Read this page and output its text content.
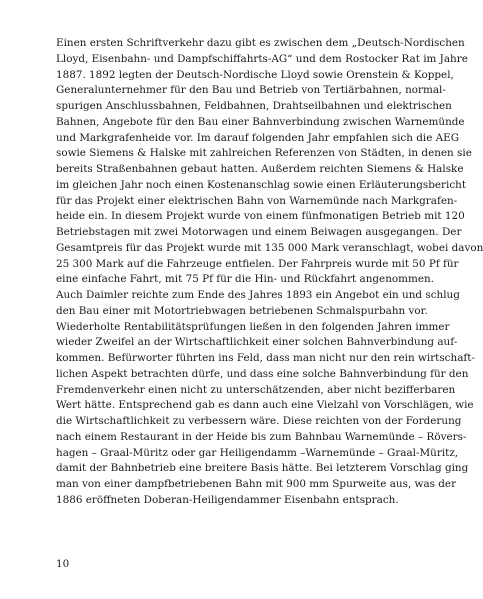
Einen ersten Schriftverkehr dazu gibt es zwischen dem „Deutsch-Nordischen
Lloyd, Eisenbahn- und Dampfschiffahrts-AG“ und dem Rostocker Rat im Jahre
1887. 1892 legten der Deutsch-Nordische Lloyd sowie Orenstein & Koppel,
Generalunternehmer für den Bau und Betrieb von Tertiärbahnen, normal-
spurigen Anschlussbahnen, Feldbahnen, Drahtseilbahnen und elektrischen
Bahnen, Angebote für den Bau einer Bahnverbindung zwischen Warnemünde
und Markgrafenheide vor. Im darauf folgenden Jahr empfahlen sich die AEG
sowie Siemens & Halske mit zahlreichen Referenzen von Städten, in denen sie
bereits Straßenbahnen gebaut hatten. Außerdem reichten Siemens & Halske
im gleichen Jahr noch einen Kostenanschlag sowie einen Erläuterungsbericht
für das Projekt einer elektrischen Bahn von Warnemünde nach Markgrafen-
heide ein. In diesem Projekt wurde von einem fünfmonatigen Betrieb mit 120
Betriebstagen mit zwei Motorwagen und einem Beiwagen ausgegangen. Der
Gesamtpreis für das Projekt wurde mit 135 000 Mark veranschlagt, wobei davon
25 300 Mark auf die Fahrzeuge entfielen. Der Fahrpreis wurde mit 50 Pf für
eine einfache Fahrt, mit 75 Pf für die Hin- und Rückfahrt angenommen.
Auch Daimler reichte zum Ende des Jahres 1893 ein Angebot ein und schlug
den Bau einer mit Motortriebwagen betriebenen Schmalspurbahn vor.
Wiederholte Rentabilitätsprüfungen ließen in den folgenden Jahren immer
wieder Zweifel an der Wirtschaftlichkeit einer solchen Bahnverbindung auf-
kommen. Befürworter führten ins Feld, dass man nicht nur den rein wirtschaft-
lichen Aspekt betrachten dürfe, und dass eine solche Bahnverbindung für den
Fremdenverkehr einen nicht zu unterschätzenden, aber nicht bezifferbaren
Wert hätte. Entsprechend gab es dann auch eine Vielzahl von Vorschlägen, wie
die Wirtschaftlichkeit zu verbessern wäre. Diese reichten von der Forderung
nach einem Restaurant in der Heide bis zum Bahnbau Warnemünde – Rövers-
hagen – Graal-Müritz oder gar Heiligendamm –Warnemünde – Graal-Müritz,
damit der Bahnbetrieb eine breitere Basis hätte. Bei letzterem Vorschlag ging
man von einer dampfbetriebenen Bahn mit 900 mm Spurweite aus, was der
1886 eröffneten Doberan-Heiligendammer Eisenbahn entsprach.
10
